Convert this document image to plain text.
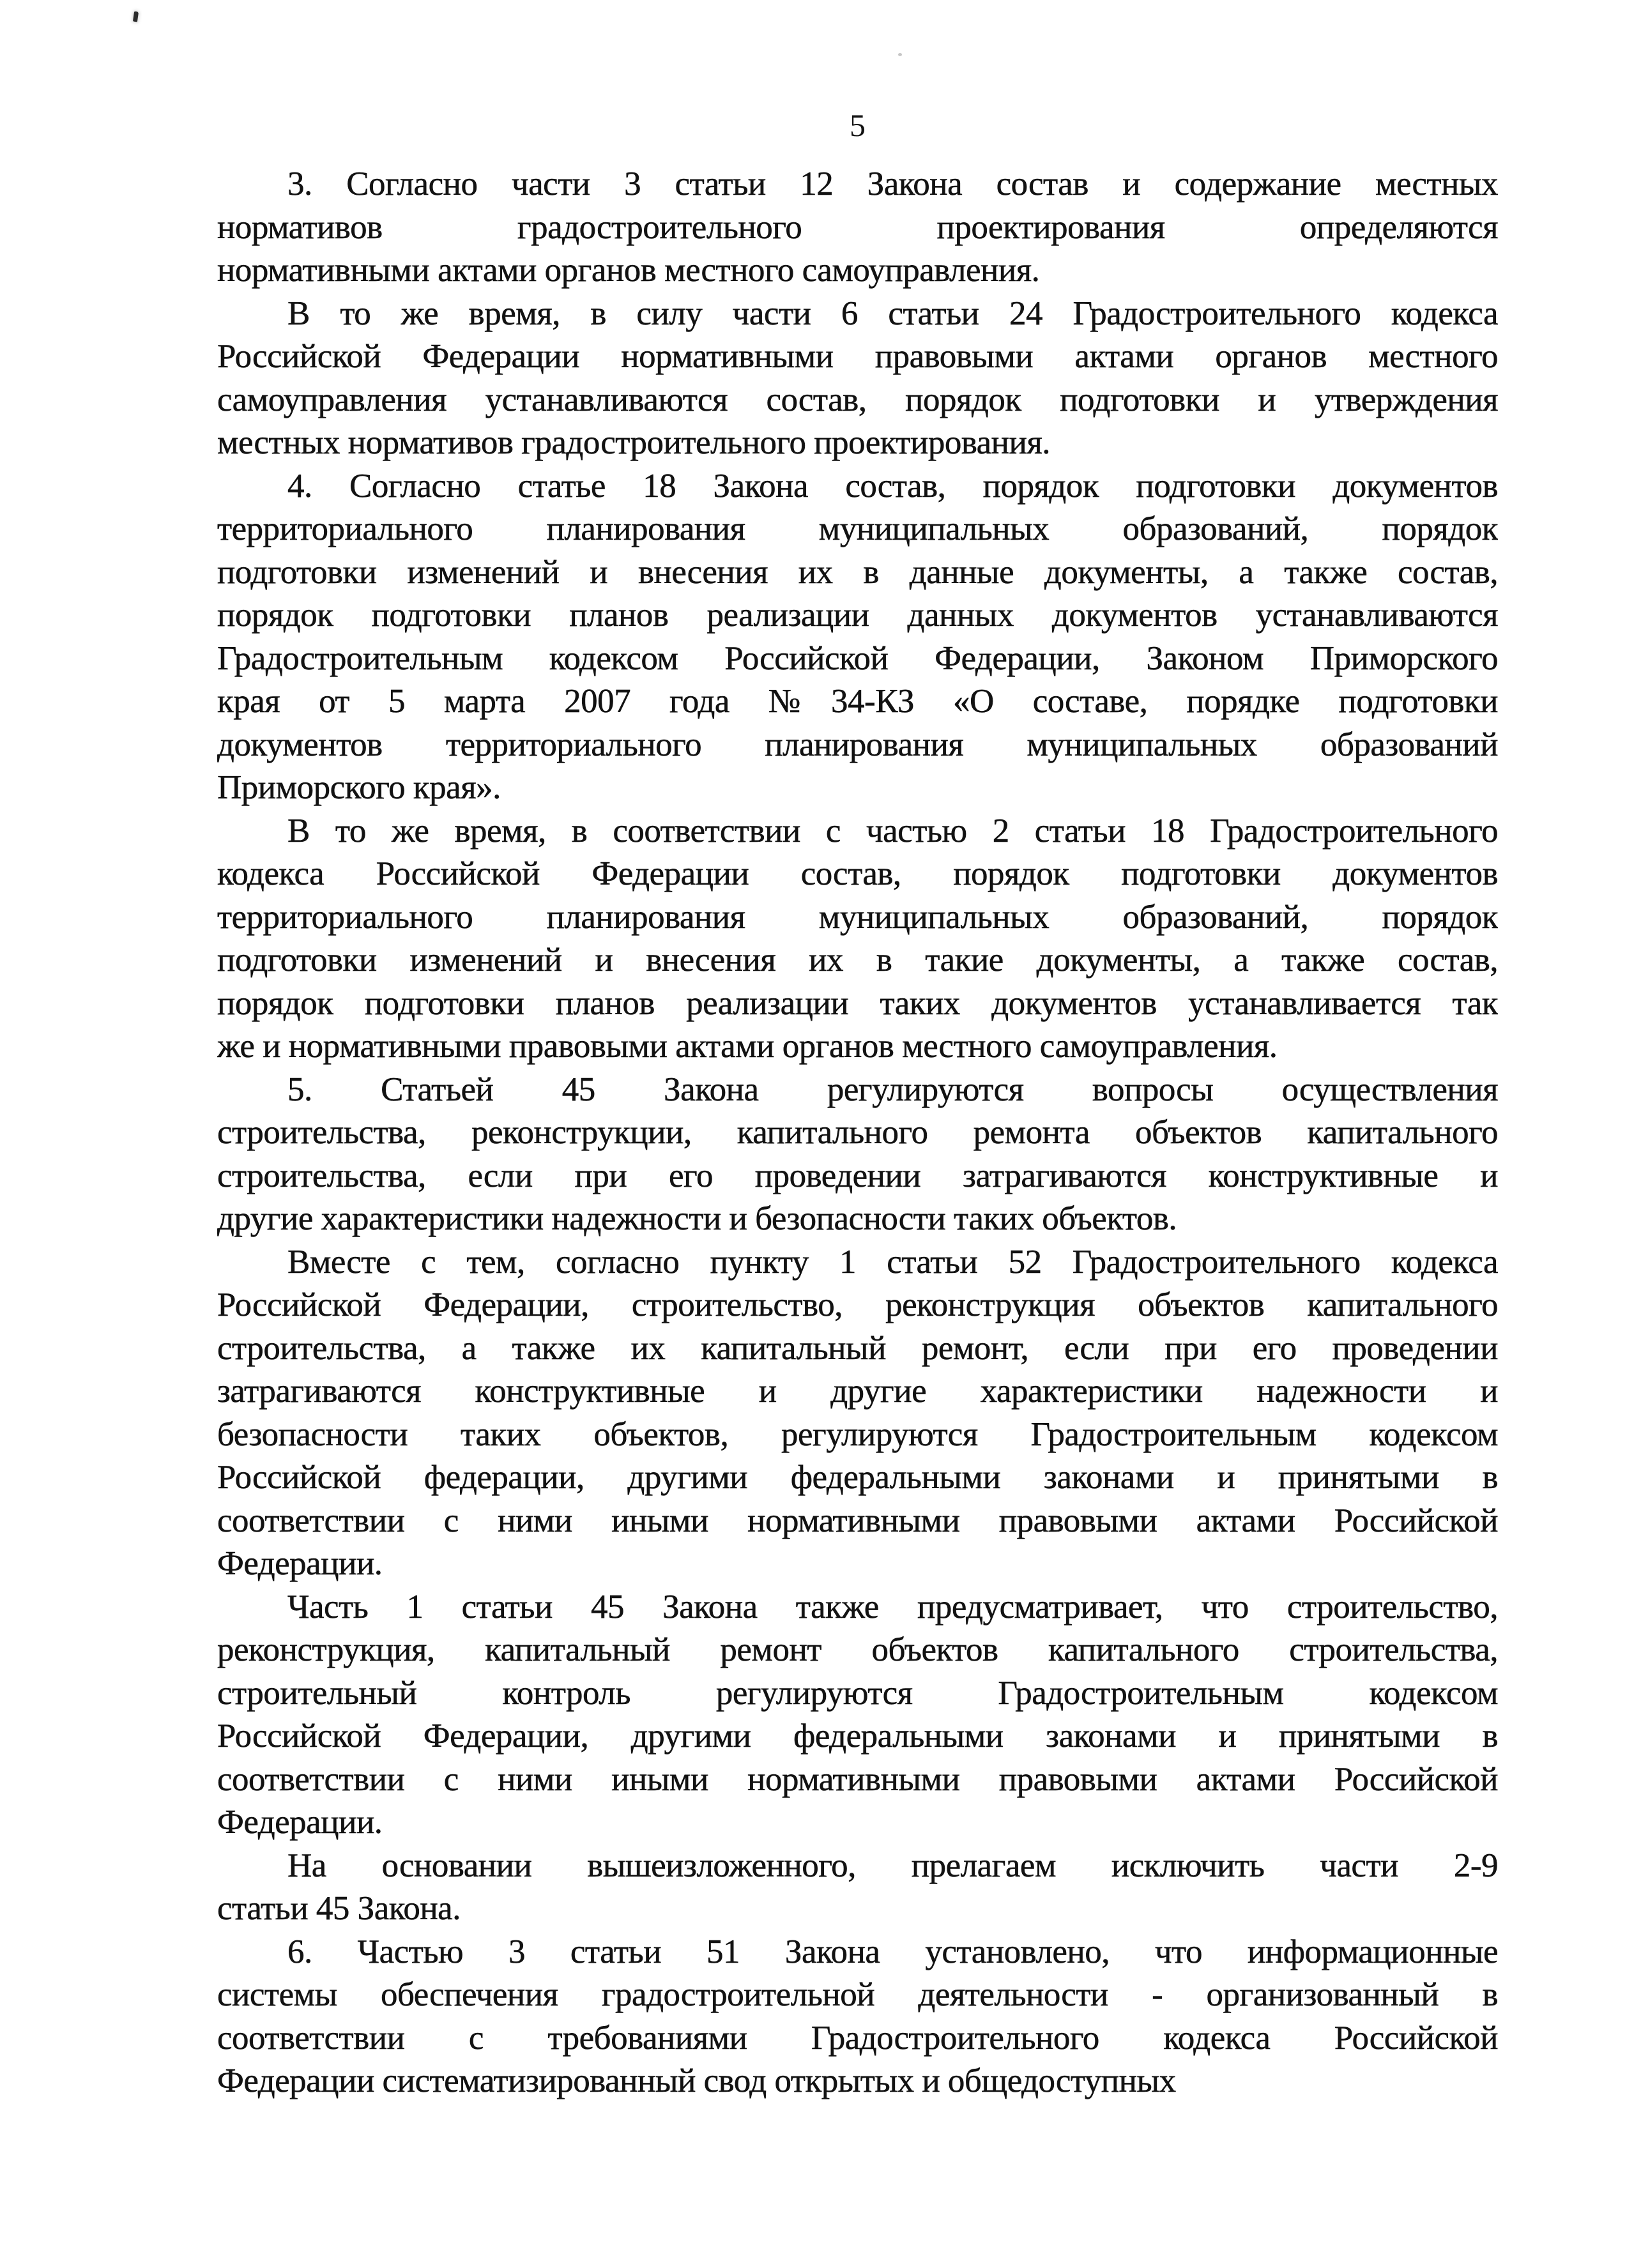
5
3. Согласно части 3 статьи 12 Закона состав и содержание местных
нормативов градостроительного проектирования определяются
нормативными актами органов местного самоуправления.
В то же время, в силу части 6 статьи 24 Градостроительного кодекса
Российской Федерации нормативными правовыми актами органов местного
самоуправления устанавливаются состав, порядок подготовки и утверждения
местных нормативов градостроительного проектирования.
4. Согласно статье 18 Закона состав, порядок подготовки документов
территориального планирования муниципальных образований, порядок
подготовки изменений и внесения их в данные документы, а также состав,
порядок подготовки планов реализации данных документов устанавливаются
Градостроительным кодексом Российской Федерации, Законом Приморского
края от 5 марта 2007 года №34-КЗ «О составе, порядке подготовки
документов территориального планирования муниципальных образований
Приморского края».
В то же время, в соответствии с частью 2 статьи 18 Градостроительного
кодекса Российской Федерации состав, порядок подготовки документов
территориального планирования муниципальных образований, порядок
подготовки изменений и внесения их в такие документы, а также состав,
порядок подготовки планов реализации таких документов устанавливается так
же и нормативными правовыми актами органов местного самоуправления.
5. Статьей 45 Закона регулируются вопросы осуществления
строительства, реконструкции, капитального ремонта объектов капитального
строительства, если при его проведении затрагиваются конструктивные и
другие характеристики надежности и безопасности таких объектов.
Вместе с тем, согласно пункту 1 статьи 52 Градостроительного кодекса
Российской Федерации, строительство, реконструкция объектов капитального
строительства, а также их капитальный ремонт, если при его проведении
затрагиваются конструктивные и другие характеристики надежности и
безопасности таких объектов, регулируются Градостроительным кодексом
Российской федерации, другими федеральными законами и принятыми в
соответствии с ними иными нормативными правовыми актами Российской
Федерации.
Часть 1 статьи 45 Закона также предусматривает, что строительство,
реконструкция, капитальный ремонт объектов капитального строительства,
строительный контроль регулируются Градостроительным кодексом
Российской Федерации, другими федеральными законами и принятыми в
соответствии с ними иными нормативными правовыми актами Российской
Федерации.
На основании вышеизложенного, прелагаем исключить части 2-9
статьи 45 Закона.
6. Частью 3 статьи 51 Закона установлено, что информационные
системы обеспечения градостроительной деятельности - организованный в
соответствии с требованиями Градостроительного кодекса Российской
Федерации систематизированный свод открытых и общедоступных
